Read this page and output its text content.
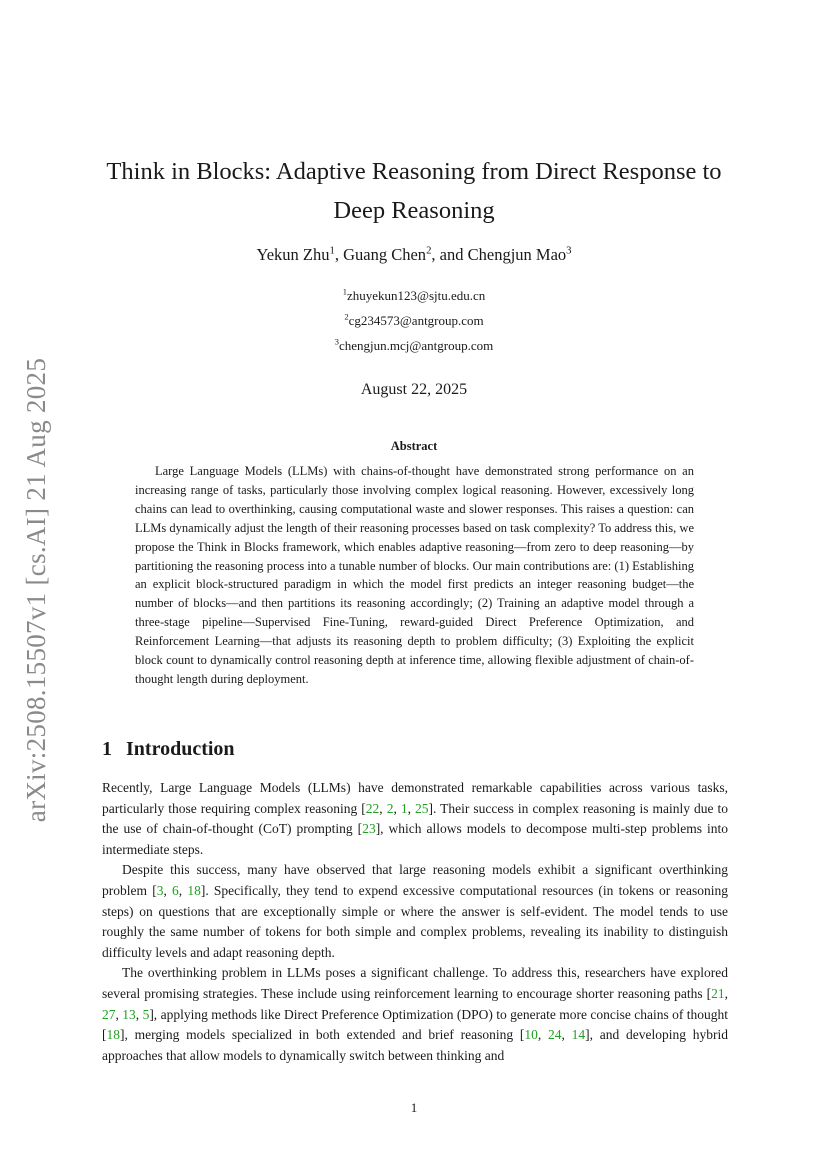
arXiv:2508.15507v1 [cs.AI] 21 Aug 2025
Think in Blocks: Adaptive Reasoning from Direct Response to Deep Reasoning
Yekun Zhu$^1$, Guang Chen$^2$, and Chengjun Mao$^3$
$^1$zhuyekun123@sjtu.edu.cn
$^2$cg234573@antgroup.com
$^3$chengjun.mcj@antgroup.com
August 22, 2025
Abstract
Large Language Models (LLMs) with chains-of-thought have demonstrated strong performance on an increasing range of tasks, particularly those involving complex logical reasoning. However, excessively long chains can lead to overthinking, causing computational waste and slower responses. This raises a question: can LLMs dynamically adjust the length of their reasoning processes based on task complexity? To address this, we propose the Think in Blocks framework, which enables adaptive reasoning—from zero to deep reasoning—by partitioning the reasoning process into a tunable number of blocks. Our main contributions are: (1) Establishing an explicit block-structured paradigm in which the model first predicts an integer reasoning budget—the number of blocks—and then partitions its reasoning accordingly; (2) Training an adaptive model through a three-stage pipeline—Supervised Fine-Tuning, reward-guided Direct Preference Optimization, and Reinforcement Learning—that adjusts its reasoning depth to problem difficulty; (3) Exploiting the explicit block count to dynamically control reasoning depth at inference time, allowing flexible adjustment of chain-of-thought length during deployment.
1 Introduction

Recently, Large Language Models (LLMs) have demonstrated remarkable capabilities across various tasks, particularly those requiring complex reasoning [22, 2, 1, 25]. Their success in complex reasoning is mainly due to the use of chain-of-thought (CoT) prompting [23], which allows models to decompose multi-step problems into intermediate steps.

Despite this success, many have observed that large reasoning models exhibit a significant overthinking problem [3, 6, 18]. Specifically, they tend to expend excessive computational resources (in tokens or reasoning steps) on questions that are exceptionally simple or where the answer is self-evident. The model tends to use roughly the same number of tokens for both simple and complex problems, revealing its inability to distinguish difficulty levels and adapt reasoning depth.

The overthinking problem in LLMs poses a significant challenge. To address this, researchers have explored several promising strategies. These include using reinforcement learning to encourage shorter reasoning paths [21, 27, 13, 5], applying methods like Direct Preference Optimization (DPO) to generate more concise chains of thought [18], merging models specialized in both extended and brief reasoning [10, 24, 14], and developing hybrid approaches that allow models to dynamically switch between thinking and

1
